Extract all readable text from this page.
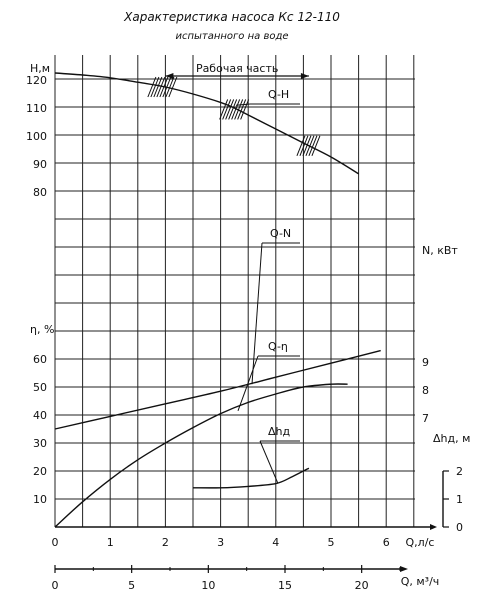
Характеристика насоса Кс 12-110
испытанного на воде
0	1	2	3	4	5	6 Q,л/с
0	5	10	15	20	Q, м³/ч
80
90
100
110
120
Н,м
10
20
30
40
50
60
η, %
7
8
9
N, кВт
0
1
2
Δhд, м
Рабочая часть
Q-H
Q-N
Q-η
Δhд
